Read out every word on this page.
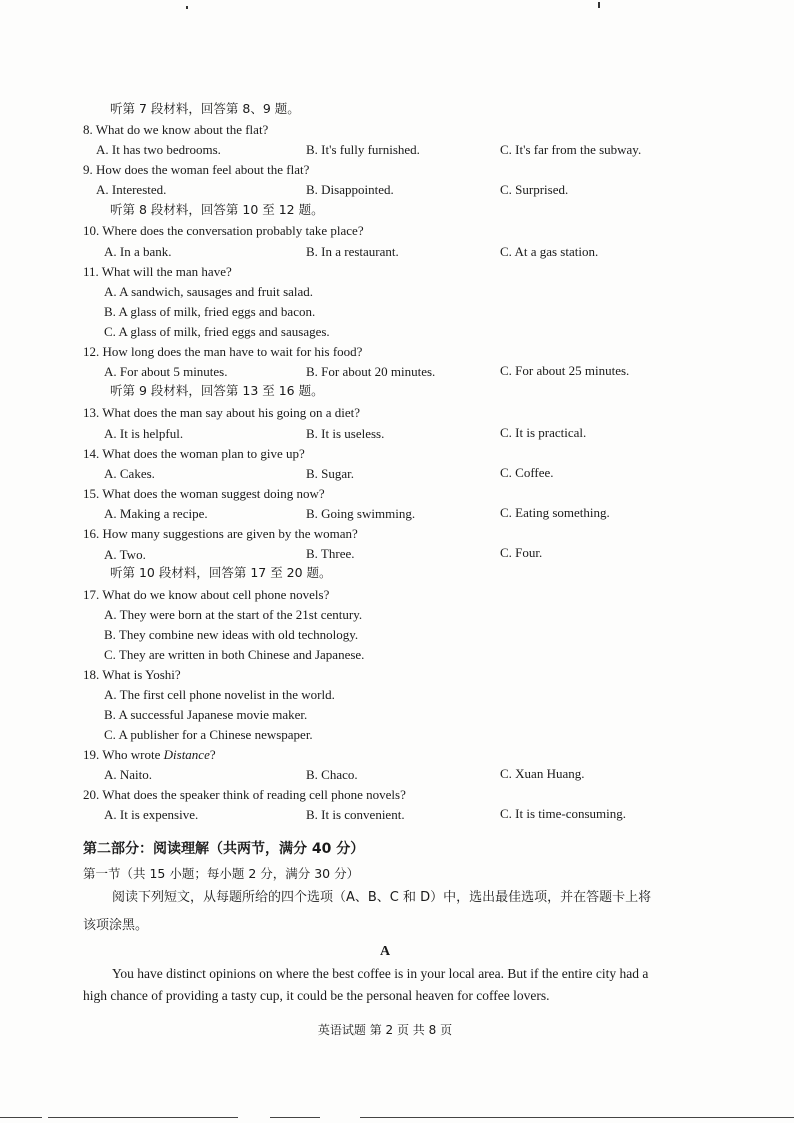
听第 7 段材料，回答第 8、9 题。
8. What do we know about the flat?
A. It has two bedrooms.	B. It's fully furnished.	C. It's far from the subway.
9. How does the woman feel about the flat?
A. Interested.	B. Disappointed.	C. Surprised.
听第 8 段材料，回答第 10 至 12 题。
10. Where does the conversation probably take place?
A. In a bank.	B. In a restaurant.	C. At a gas station.
11. What will the man have?
A. A sandwich, sausages and fruit salad.
B. A glass of milk, fried eggs and bacon.
C. A glass of milk, fried eggs and sausages.
12. How long does the man have to wait for his food?
A. For about 5 minutes.	B. For about 20 minutes.	C. For about 25 minutes.
听第 9 段材料，回答第 13 至 16 题。
13. What does the man say about his going on a diet?
A. It is helpful.	B. It is useless.	C. It is practical.
14. What does the woman plan to give up?
A. Cakes.	B. Sugar.	C. Coffee.
15. What does the woman suggest doing now?
A. Making a recipe.	B. Going swimming.	C. Eating something.
16. How many suggestions are given by the woman?
A. Two.	B. Three.	C. Four.
听第 10 段材料，回答第 17 至 20 题。
17. What do we know about cell phone novels?
A. They were born at the start of the 21st century.
B. They combine new ideas with old technology.
C. They are written in both Chinese and Japanese.
18. What is Yoshi?
A. The first cell phone novelist in the world.
B. A successful Japanese movie maker.
C. A publisher for a Chinese newspaper.
19. Who wrote Distance?
A. Naito.	B. Chaco.	C. Xuan Huang.
20. What does the speaker think of reading cell phone novels?
A. It is expensive.	B. It is convenient.	C. It is time-consuming.
第二部分：阅读理解（共两节，满分 40 分）
第一节（共 15 小题；每小题 2 分，满分 30 分）
阅读下列短文，从每题所给的四个选项（A、B、C 和 D）中，选出最佳选项，并在答题卡上将
该项涂黑。
A
You have distinct opinions on where the best coffee is in your local area. But if the entire city had a
high chance of providing a tasty cup, it could be the personal heaven for coffee lovers.
英语试题 第 2 页 共 8 页
